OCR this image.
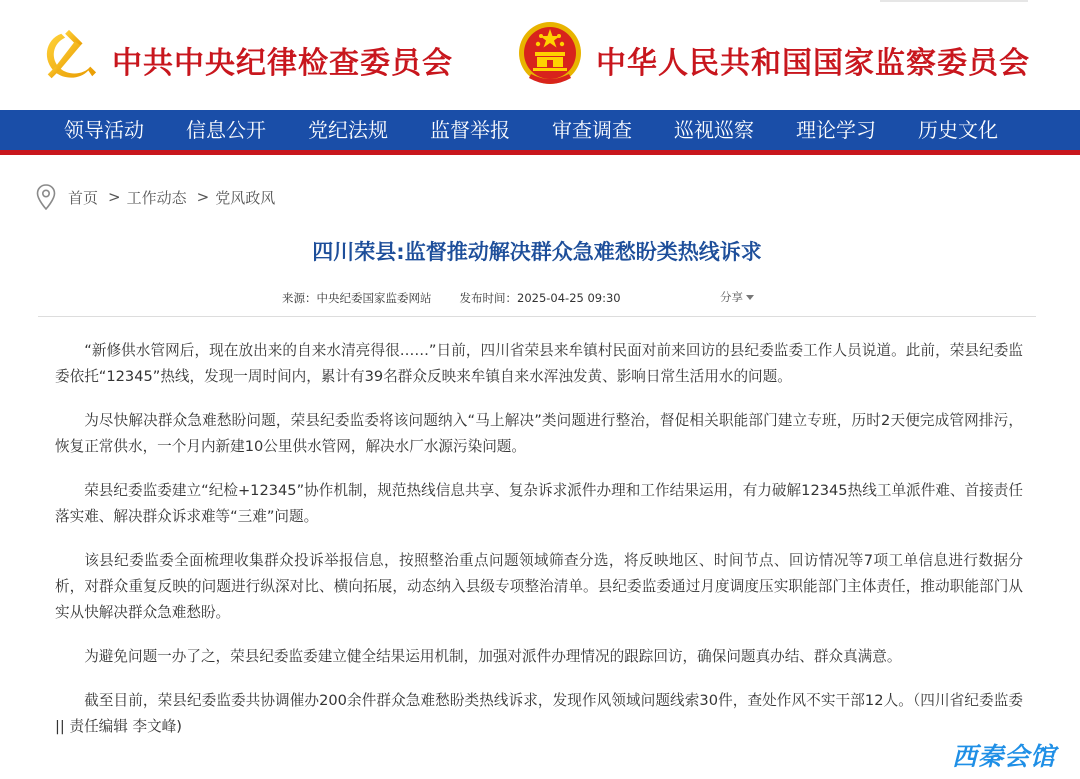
中共中央纪律检查委员会	中华人民共和国国家监察委员会
领导活动	信息公开	党纪法规	监督举报	审查调查	巡视巡察	理论学习	历史文化
首页 > 工作动态 > 党风政风
四川荣县:监督推动解决群众急难愁盼类热线诉求
来源：中央纪委国家监委网站 发布时间：2025-04-25 09:30	分享

“新修供水管网后，现在放出来的自来水清亮得很……”日前，四川省荣县来牟镇村民面对前来回访的县纪委监委工作人员说道。此前，荣县纪委监委依托“12345”热线，发现一周时间内，累计有39名群众反映来牟镇自来水浑浊发黄、影响日常生活用水的问题。

为尽快解决群众急难愁盼问题，荣县纪委监委将该问题纳入“马上解决”类问题进行整治，督促相关职能部门建立专班，历时2天便完成管网排污，恢复正常供水，一个月内新建10公里供水管网，解决水厂水源污染问题。

荣县纪委监委建立“纪检+12345”协作机制，规范热线信息共享、复杂诉求派件办理和工作结果运用，有力破解12345热线工单派件难、首接责任落实难、解决群众诉求难等“三难”问题。

该县纪委监委全面梳理收集群众投诉举报信息，按照整治重点问题领域筛查分选，将反映地区、时间节点、回访情况等7项工单信息进行数据分析，对群众重复反映的问题进行纵深对比、横向拓展，动态纳入县级专项整治清单。县纪委监委通过月度调度压实职能部门主体责任，推动职能部门从实从快解决群众急难愁盼。

为避免问题一办了之，荣县纪委监委建立健全结果运用机制，加强对派件办理情况的跟踪回访，确保问题真办结、群众真满意。

截至目前，荣县纪委监委共协调催办200余件群众急难愁盼类热线诉求，发现作风领域问题线索30件，查处作风不实干部12人。（四川省纪委监委 || 责任编辑 李文峰)

西秦会馆
